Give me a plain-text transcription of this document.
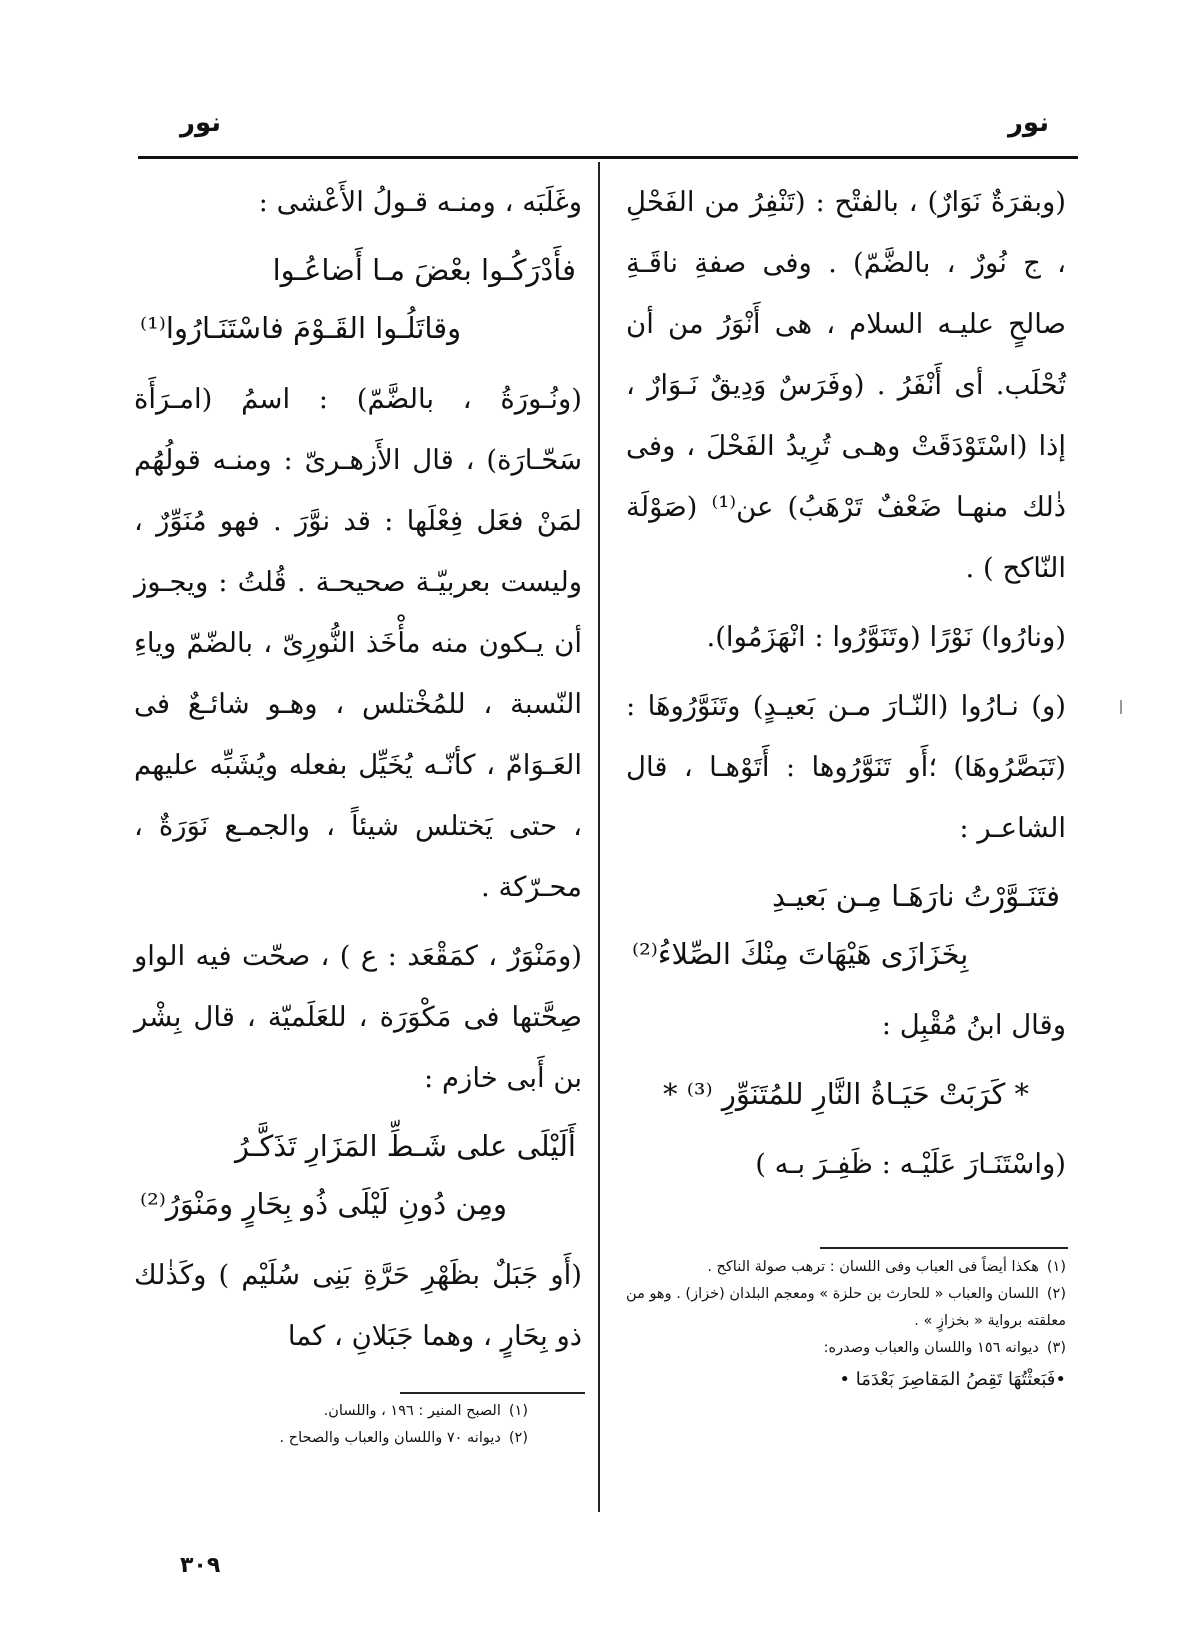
نور
نور

(وبقرَةٌ نَوَارٌ) ، بالفتْح : (تَنْفِرُ من الفَحْلِ ، ج نُورٌ ، بالضَّمّ) . وفى صفةِ ناقَـةِ صالحٍ عليـه السلام ، هى أَنْوَرُ من أن تُحْلَب. أى أَنْفَرُ . (وفَرَسٌ وَدِيقٌ نَـوَارٌ ، إذا (اسْتَوْدَقَتْ وهـى تُرِيدُ الفَحْلَ ، وفى ذٰلك منهـا ضَعْفٌ تَرْهَبُ) عن⁽¹⁾ (صَوْلَة النّاكح ) .

(ونارُوا) نَوْرًا (وتَنَوَّرُوا : انْهَزَمُوا).

(و) نـارُوا (النّـارَ مـن بَعيـدٍ) وتَنَوَّرُوهَا : (تَبَصَّرُوهَا) ؛أَو تَنَوَّرُوها : أَتَوْهـا ، قال الشاعـر :

فتَنَـوَّرْتُ نارَهَـا مِـن بَعيـدِ

بِخَزَازَى هَيْهَاتَ مِنْكَ الصِّلاءُ⁽²⁾

وقال ابنُ مُقْبِل :

* كَرَبَتْ حَيَـاةُ النَّارِ للمُتَنَوِّرِ ⁽³⁾ *

(واسْتَنَـارَ عَلَيْـه : ظَفِـرَ بـه )

(١)هكذا أيضاً فى العباب وفى اللسان : ترهب صولة الناكح .

(٢)اللسان والعباب « للحارث بن حلزة » ومعجم البلدان (خزاز) . وهو من معلقته برواية « بخزازٍ » .

(٣)ديوانه ١٥٦ واللسان والعباب وصدره:

•فَبَعثْتُهَا تَقِصُ المَقاصِرَ بَعْدَمَا •

وغَلَبَه ، ومنـه قـولُ الأَعْشى :

فأَدْرَكُـوا بعْضَ مـا أَضاعُـوا

وقاتَلُـوا القَـوْمَ فاسْتَنَـارُوا⁽¹⁾

(ونُـورَةُ ، بالضَّمّ) : اسمُ (امـرَأَة سَحّـارَة) ، قال الأَزهـرىّ : ومنـه قولُهُم لمَنْ فعَل فِعْلَها : قد نوَّرَ . فهو مُنَوِّرٌ ، وليست بعربيّـة صحيحـة . قُلتُ : ويجـوز أن يـكون منه مأْخَذ النُّورِىّ ، بالضّمّ وياءِ النّسبة ، للمُخْتلس ، وهـو شائـعٌ فى العَـوَامّ ، كأنّـه يُخَيِّل بفعله ويُشَبِّه عليهم ، حتى يَختلس شيئاً ، والجمـع نَوَرَةٌ ، محـرّكة .

(ومَنْوَرٌ ، كمَقْعَد : ع ) ، صحّت فيه الواو صِحَّتها فى مَكْوَرَة ، للعَلَميّة ، قال بِشْر بن أَبى خازم :

أَلَيْلَى على شَـطِّ المَزَارِ تَذَكَّـرُ

ومِن دُونِ لَيْلَى ذُو بِحَارٍ ومَنْوَرُ⁽²⁾

(أَو جَبَلٌ بظَهْرِ حَرَّةِ بَنِى سُلَيْم ) وكَذٰلك ذو بِحَارٍ ، وهما جَبَلانِ ، كما

(١)الصبح المنير : ١٩٦ ، واللسان.

(٢)ديوانه ٧٠ واللسان والعباب والصحاح .

٣٠٩
